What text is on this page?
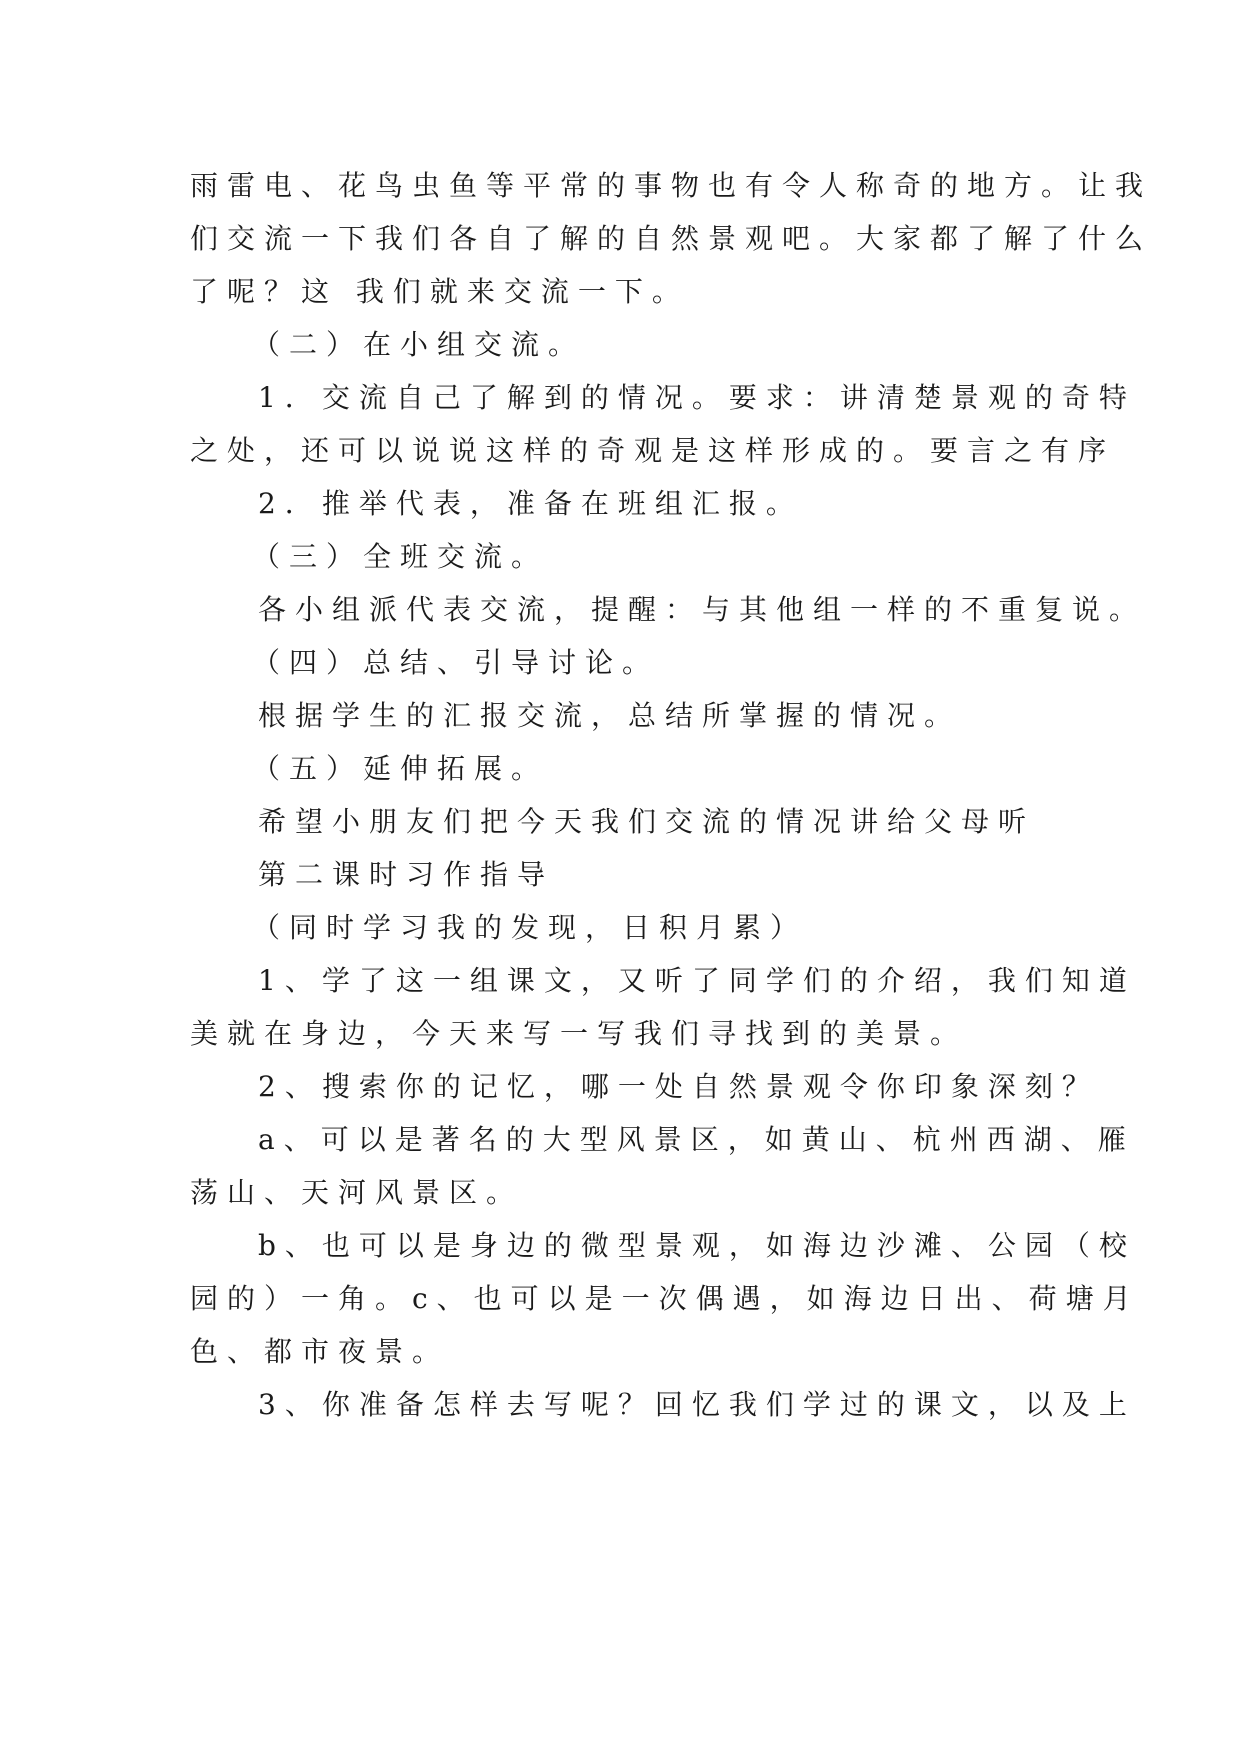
雨雷电、花鸟虫鱼等平常的事物也有令人称奇的地方。让我
们交流一下我们各自了解的自然景观吧。大家都了解了什么
了呢？这 我们就来交流一下。
（二）在小组交流。
1．交流自己了解到的情况。要求：讲清楚景观的奇特
之处，还可以说说这样的奇观是这样形成的。要言之有序
2．推举代表，准备在班组汇报。
（三）全班交流。
各小组派代表交流，提醒：与其他组一样的不重复说。
（四）总结、引导讨论。
根据学生的汇报交流，总结所掌握的情况。
（五）延伸拓展。
希望小朋友们把今天我们交流的情况讲给父母听
第二课时习作指导
（同时学习我的发现，日积月累）
1、学了这一组课文，又听了同学们的介绍，我们知道
美就在身边，今天来写一写我们寻找到的美景。
2、搜索你的记忆，哪一处自然景观令你印象深刻？
a、可以是著名的大型风景区，如黄山、杭州西湖、雁
荡山、天河风景区。
b、也可以是身边的微型景观，如海边沙滩、公园（校
园的）一角。c、也可以是一次偶遇，如海边日出、荷塘月
色、都市夜景。
3、你准备怎样去写呢？回忆我们学过的课文，以及上
